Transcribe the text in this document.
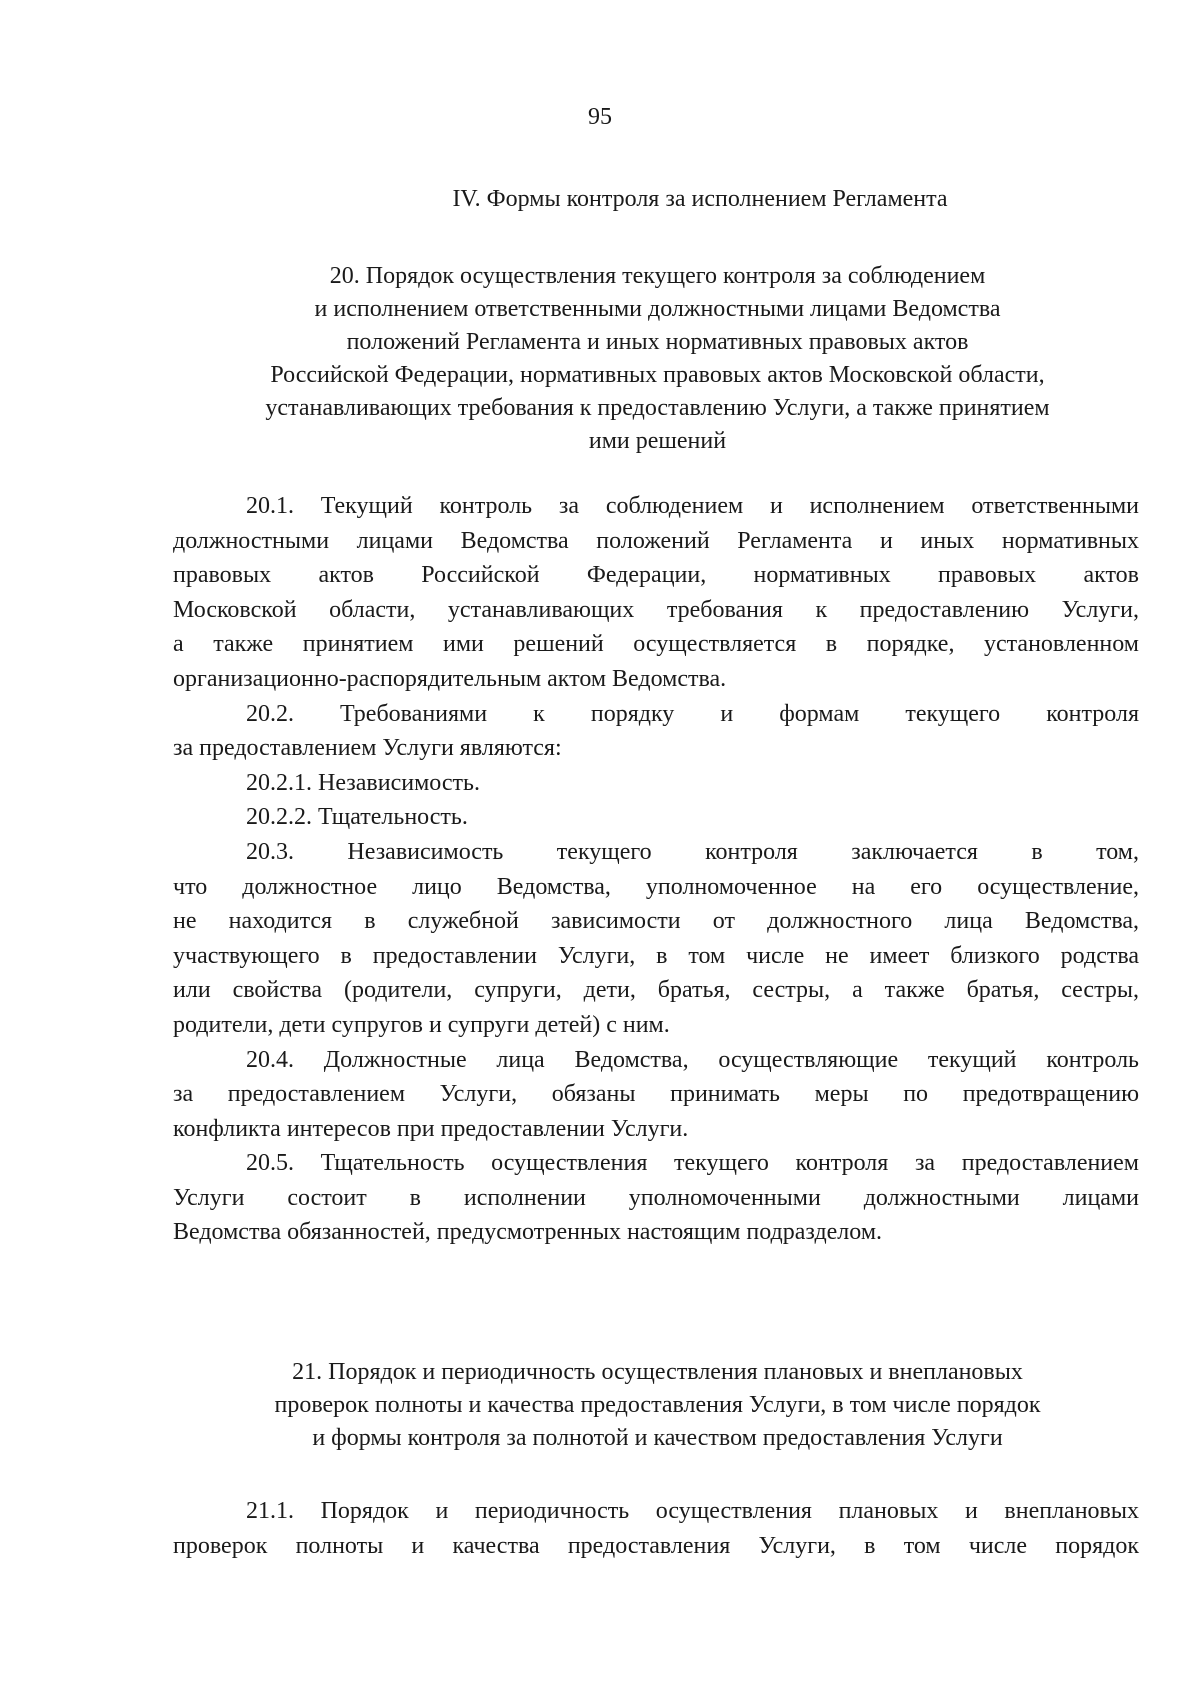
95
IV. Формы контроля за исполнением Регламента
20. Порядок осуществления текущего контроля за соблюдением
и исполнением ответственными должностными лицами Ведомства
положений Регламента и иных нормативных правовых актов
Российской Федерации, нормативных правовых актов Московской области,
устанавливающих требования к предоставлению Услуги, а также принятием
ими решений

20.1. Текущий контроль за соблюдением и исполнением ответственными
должностными лицами Ведомства положений Регламента и иных нормативных
правовых актов Российской Федерации, нормативных правовых актов
Московской области, устанавливающих требования к предоставлению Услуги,
а также принятием ими решений осуществляется в порядке, установленном
организационно-распорядительным актом Ведомства.

20.2. Требованиями к порядку и формам текущего контроля
за предоставлением Услуги являются:

20.2.1. Независимость.

20.2.2. Тщательность.

20.3. Независимость текущего контроля заключается в том,
что должностное лицо Ведомства, уполномоченное на его осуществление,
не находится в служебной зависимости от должностного лица Ведомства,
участвующего в предоставлении Услуги, в том числе не имеет близкого родства
или свойства (родители, супруги, дети, братья, сестры, а также братья, сестры,
родители, дети супругов и супруги детей) с ним.

20.4. Должностные лица Ведомства, осуществляющие текущий контроль
за предоставлением Услуги, обязаны принимать меры по предотвращению
конфликта интересов при предоставлении Услуги.

20.5. Тщательность осуществления текущего контроля за предоставлением
Услуги состоит в исполнении уполномоченными должностными лицами
Ведомства обязанностей, предусмотренных настоящим подразделом.

21. Порядок и периодичность осуществления плановых и внеплановых
проверок полноты и качества предоставления Услуги, в том числе порядок
и формы контроля за полнотой и качеством предоставления Услуги

21.1. Порядок и периодичность осуществления плановых и внеплановых
проверок полноты и качества предоставления Услуги, в том числе порядок
